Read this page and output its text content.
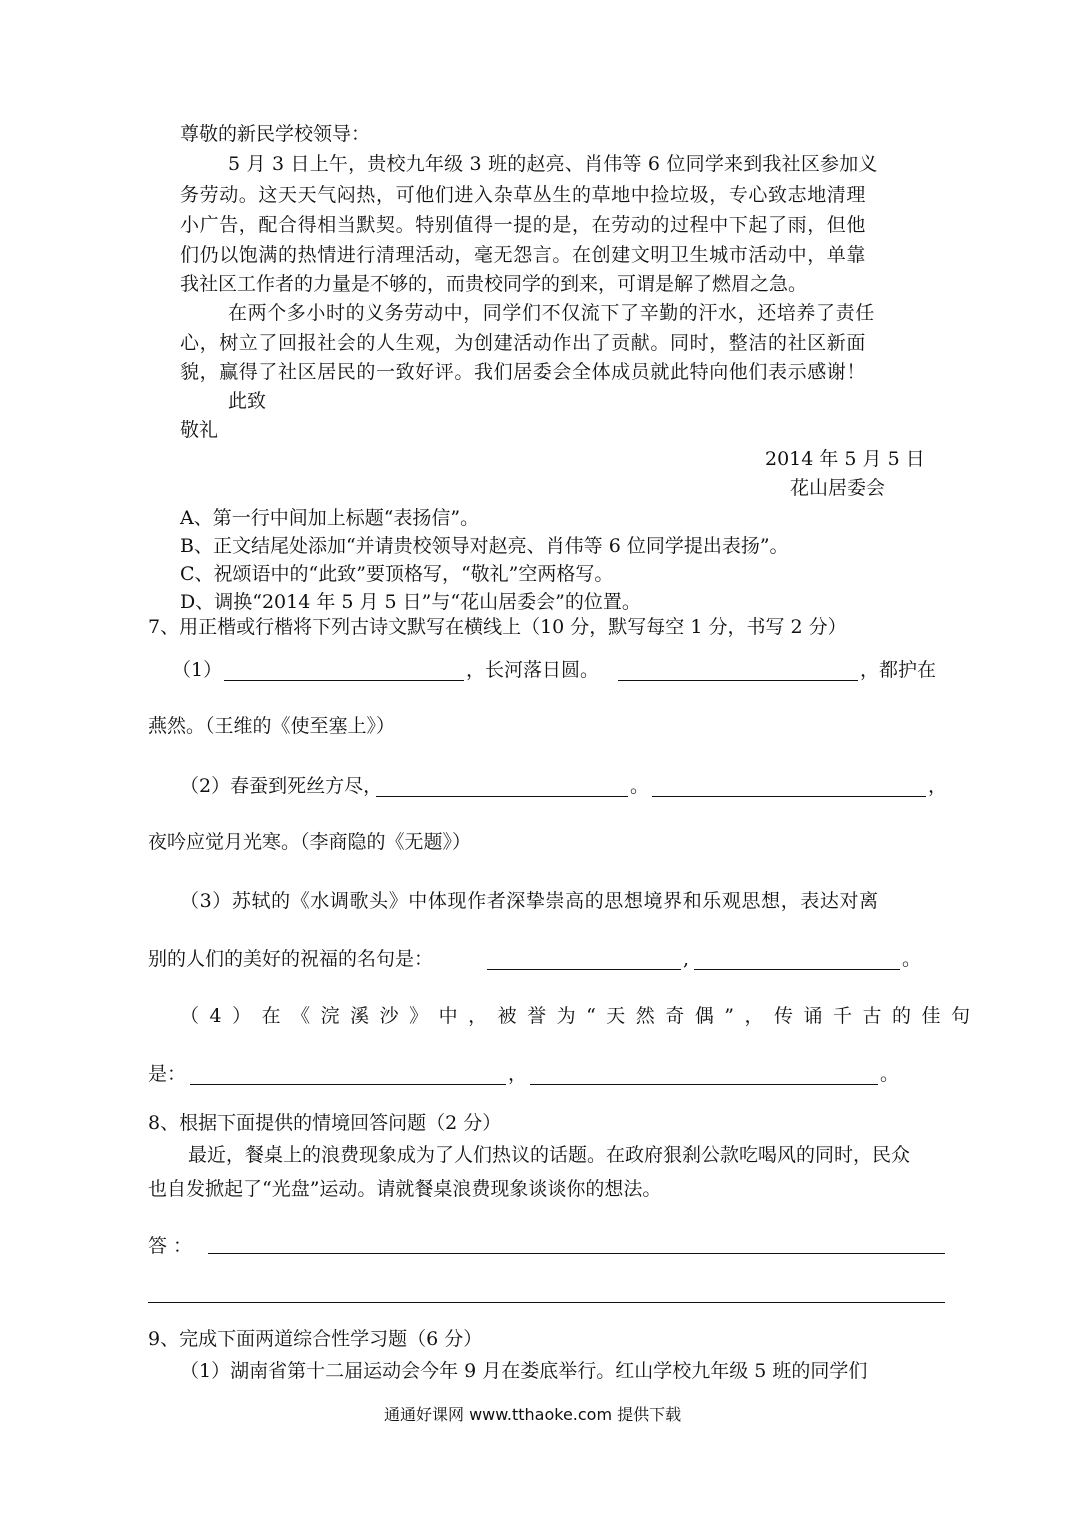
尊敬的新民学校领导：
5 月 3 日上午，贵校九年级 3 班的赵亮、肖伟等 6 位同学来到我社区参加义
务劳动。这天天气闷热，可他们进入杂草丛生的草地中捡垃圾，专心致志地清理
小广告，配合得相当默契。特别值得一提的是，在劳动的过程中下起了雨，但他
们仍以饱满的热情进行清理活动，毫无怨言。在创建文明卫生城市活动中，单靠
我社区工作者的力量是不够的，而贵校同学的到来，可谓是解了燃眉之急。
在两个多小时的义务劳动中，同学们不仅流下了辛勤的汗水，还培养了责任
心，树立了回报社会的人生观，为创建活动作出了贡献。同时，整洁的社区新面
貌，赢得了社区居民的一致好评。我们居委会全体成员就此特向他们表示感谢！
此致
敬礼
2014 年 5 月 5 日
花山居委会
A、第一行中间加上标题“表扬信”。
B、正文结尾处添加“并请贵校领导对赵亮、肖伟等 6 位同学提出表扬”。
C、祝颂语中的“此致”要顶格写，“敬礼”空两格写。
D、调换“2014 年 5 月 5 日”与“花山居委会”的位置。
7、用正楷或行楷将下列古诗文默写在横线上（10 分，默写每空 1 分，书写 2 分）
（1）	，长河落日圆。	，都护在
燕然。（王维的《使至塞上》）
（2）春蚕到死丝方尽，	。	，
夜吟应觉月光寒。（李商隐的《无题》）
（3）苏轼的《水调歌头》中体现作者深挚崇高的思想境界和乐观思想，表达对离
别的人们的美好的祝福的名句是：	,	。
（4）在《浣溪沙》中，被誉为“天然奇偶”，传诵千古的佳句
是：	，	。
8、根据下面提供的情境回答问题（2 分）
最近，餐桌上的浪费现象成为了人们热议的话题。在政府狠刹公款吃喝风的同时，民众
也自发掀起了“光盘”运动。请就餐桌浪费现象谈谈你的想法。
答 ：
9、完成下面两道综合性学习题（6 分）
（1）湖南省第十二届运动会今年 9 月在娄底举行。红山学校九年级 5 班的同学们
通通好课网 www.tthaoke.com 提供下载
